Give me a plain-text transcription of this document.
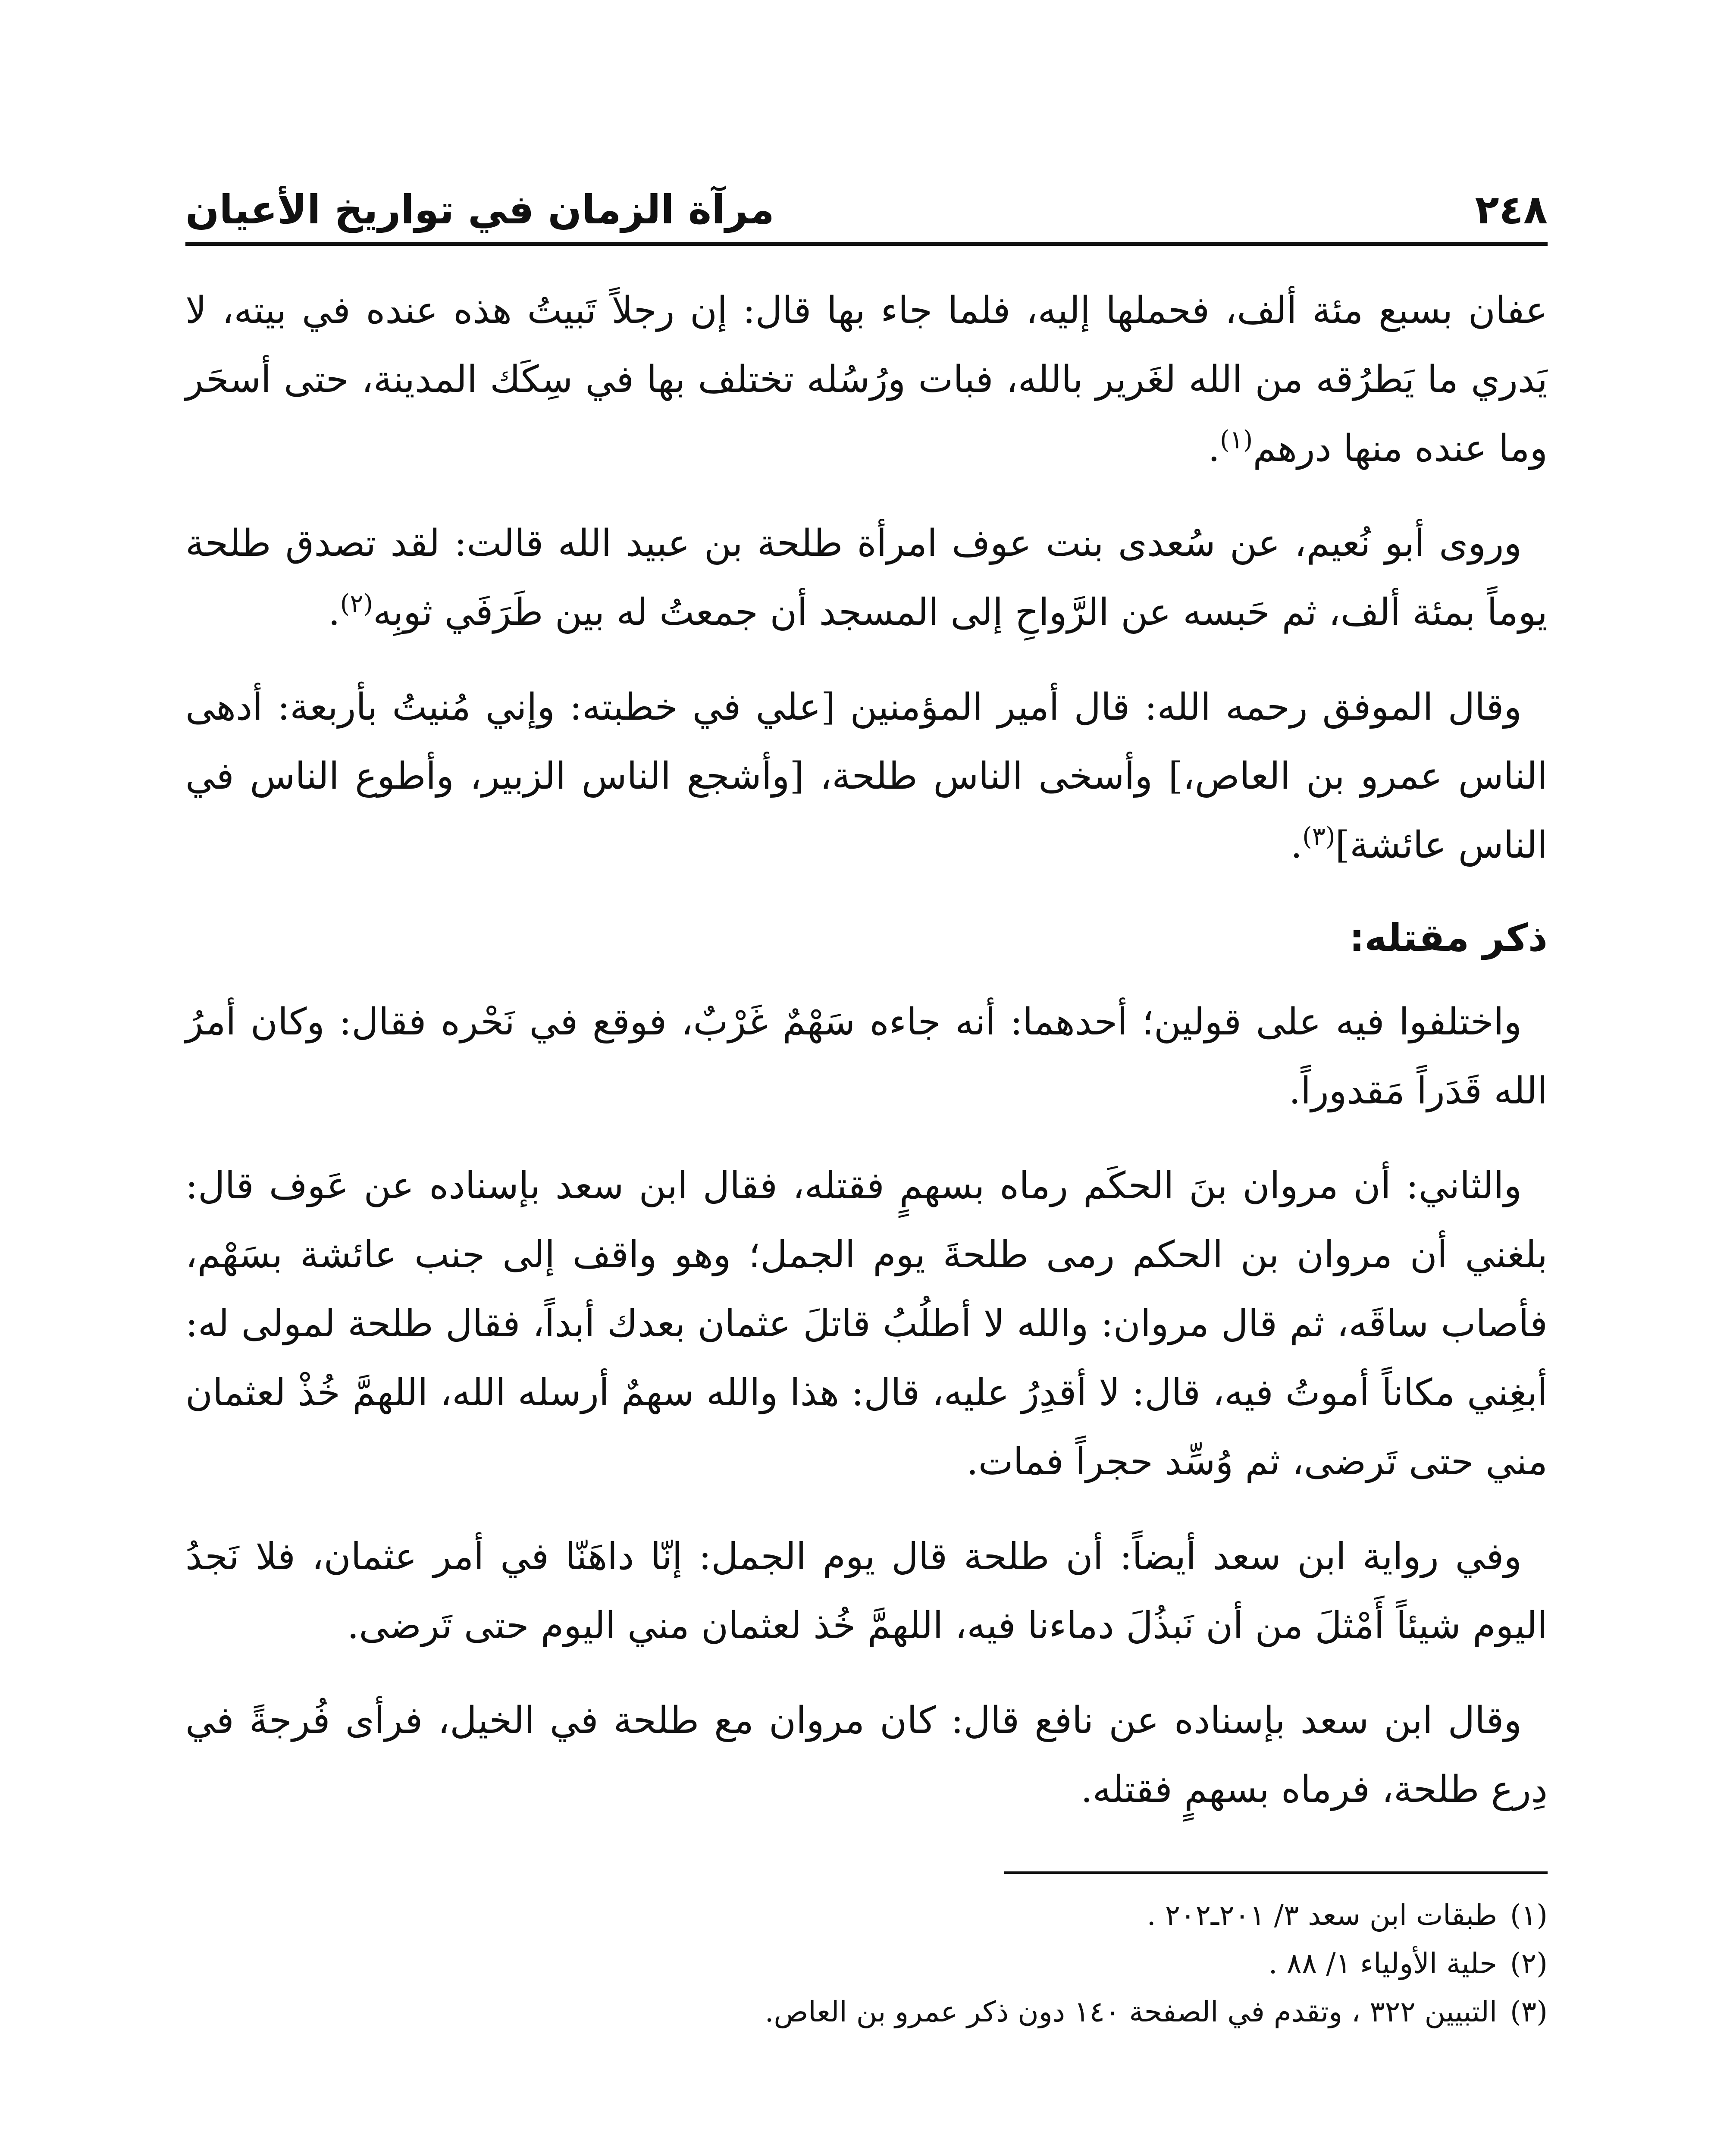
٢٤٨
مرآة الزمان في تواريخ الأعيان

عفان بسبع مئة ألف، فحملها إليه، فلما جاء بها قال: إن رجلاً تَبيتُ هذه عنده في بيته، لا يَدري ما يَطرُقه من الله لغَرير بالله، فبات ورُسُله تختلف بها في سِكَك المدينة، حتى أسحَر وما عنده منها درهم$^{(١)}$.

وروى أبو نُعيم، عن سُعدى بنت عوف امرأة طلحة بن عبيد الله قالت: لقد تصدق طلحة يوماً بمئة ألف، ثم حَبسه عن الرَّواحِ إلى المسجد أن جمعتُ له بين طَرَفَي ثوبِه$^{(٢)}$.

وقال الموفق رحمه الله: قال أمير المؤمنين [علي في خطبته: وإني مُنيتُ بأربعة: أدهى الناس عمرو بن العاص،] وأسخى الناس طلحة، [وأشجع الناس الزبير، وأطوع الناس في الناس عائشة]$^{(٣)}$.

ذكر مقتله:

واختلفوا فيه على قولين؛ أحدهما: أنه جاءه سَهْمٌ غَرْبٌ، فوقع في نَحْره فقال: وكان أمرُ الله قَدَراً مَقدوراً.

والثاني: أن مروان بنَ الحكَم رماه بسهمٍ فقتله، فقال ابن سعد بإسناده عن عَوف قال: بلغني أن مروان بن الحكم رمى طلحةَ يوم الجمل؛ وهو واقف إلى جنب عائشة بسَهْم، فأصاب ساقَه، ثم قال مروان: والله لا أطلُبُ قاتلَ عثمان بعدك أبداً، فقال طلحة لمولى له: أبغِني مكاناً أموتُ فيه، قال: لا أقدِرُ عليه، قال: هذا والله سهمٌ أرسله الله، اللهمَّ خُذْ لعثمان مني حتى تَرضى، ثم وُسِّد حجراً فمات.

وفي رواية ابن سعد أيضاً: أن طلحة قال يوم الجمل: إنّا داهَنّا في أمر عثمان، فلا نَجدُ اليوم شيئاً أَمْثلَ من أن نَبذُلَ دماءنا فيه، اللهمَّ خُذ لعثمان مني اليوم حتى تَرضى.

وقال ابن سعد بإسناده عن نافع قال: كان مروان مع طلحة في الخيل، فرأى فُرجةً في دِرع طلحة، فرماه بسهمٍ فقتله.

(١)
طبقات ابن سعد ٣/ ٢٠١ـ٢٠٢ .

(٢)
حلية الأولياء ١/ ٨٨ .

(٣)
التبيين ٣٢٢ ، وتقدم في الصفحة ١٤٠ دون ذكر عمرو بن العاص.
